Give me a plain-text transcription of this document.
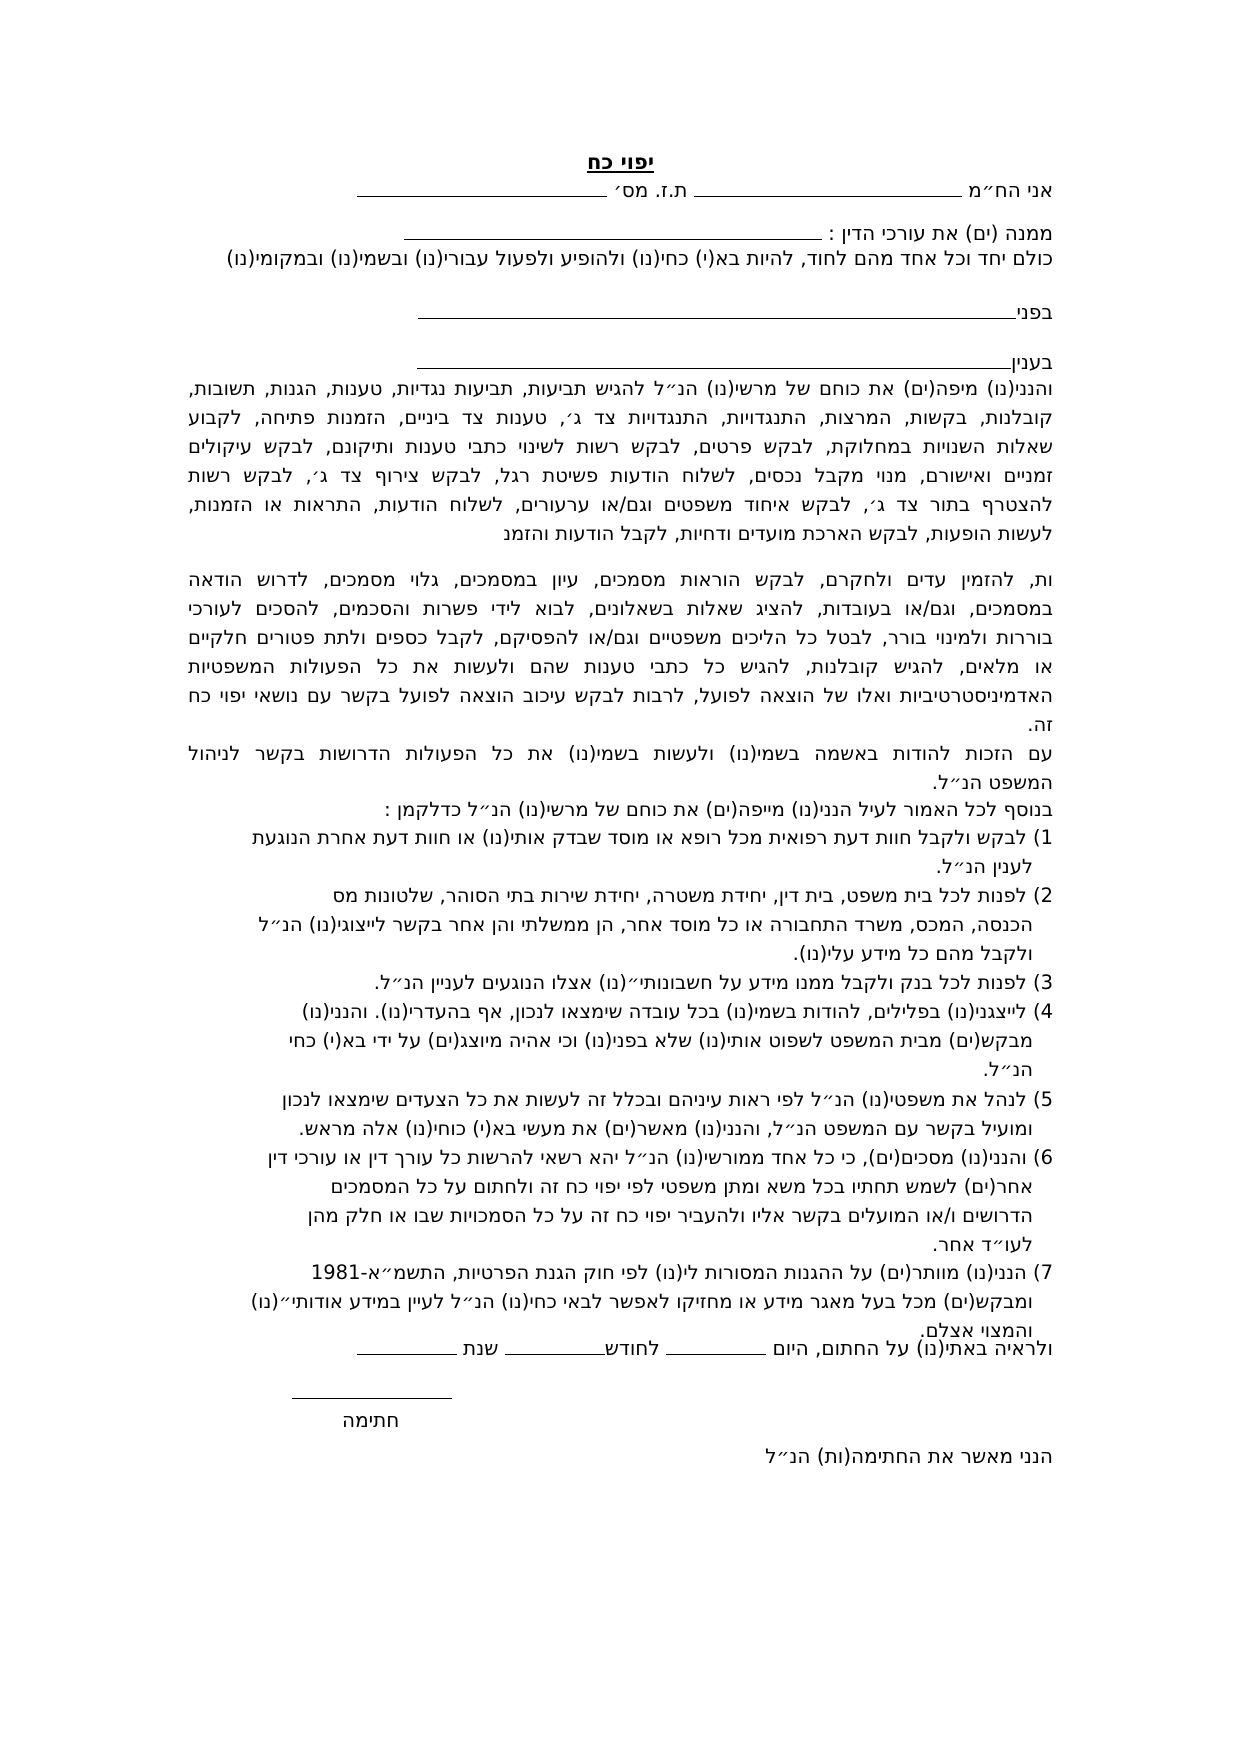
יפוי כח

אני הח״מ  ת.ז. מס׳

ממנה (ים) את עורכי הדין :

כולם יחד וכל אחד מהם לחוד, להיות בא(י) כחי(נו) ולהופיע ולפעול עבורי(נו) ובשמי(נו) ובמקומי(נו)

בפני

בענין

והנני(נו) מיפה(ים) את כוחם של מרשי(נו) הנ״ל להגיש תביעות, תביעות נגדיות, טענות, הגנות, תשובות,
קובלנות, בקשות, המרצות, התנגדויות, התנגדויות צד ג׳, טענות צד ביניים, הזמנות פתיחה, לקבוע
שאלות השנויות במחלוקת, לבקש פרטים, לבקש רשות לשינוי כתבי טענות ותיקונם, לבקש עיקולים
זמניים ואישורם, מנוי מקבל נכסים, לשלוח הודעות פשיטת רגל, לבקש צירוף צד ג׳, לבקש רשות
להצטרף בתור צד ג׳, לבקש איחוד משפטים וגם/או ערעורים, לשלוח הודעות, התראות או הזמנות,
לעשות הופעות, לבקש הארכת מועדים ודחיות, לקבל הודעות והזמנ
ות, להזמין עדים ולחקרם, לבקש הוראות מסמכים, עיון במסמכים, גלוי מסמכים, לדרוש הודאה
במסמכים, וגם/או בעובדות, להציג שאלות בשאלונים, לבוא לידי פשרות והסכמים, להסכים לעורכי
בוררות ולמינוי בורר, לבטל כל הליכים משפטיים וגם/או להפסיקם, לקבל כספים ולתת פטורים חלקיים
או מלאים, להגיש קובלנות, להגיש כל כתבי טענות שהם ולעשות את כל הפעולות המשפטיות
האדמיניסטרטיביות ואלו של הוצאה לפועל, לרבות לבקש עיכוב הוצאה לפועל בקשר עם נושאי יפוי כח
זה.
עם הזכות להודות באשמה בשמי(נו) ולעשות בשמי(נו) את כל הפעולות הדרושות בקשר לניהול
המשפט הנ״ל.

בנוסף לכל האמור לעיל הנני(נו) מייפה(ים) את כוחם של מרשי(נו) הנ״ל כדלקמן :

1) לבקש ולקבל חוות דעת רפואית מכל רופא או מוסד שבדק אותי(נו) או חוות דעת אחרת הנוגעת
לענין הנ״ל.
2) לפנות לכל בית משפט, בית דין, יחידת משטרה, יחידת שירות בתי הסוהר, שלטונות מס
הכנסה, המכס, משרד התחבורה או כל מוסד אחר, הן ממשלתי והן אחר בקשר לייצוגי(נו) הנ״ל
ולקבל מהם כל מידע עלי(נו).
3) לפנות לכל בנק ולקבל ממנו מידע על חשבונותי״(נו) אצלו הנוגעים לעניין הנ״ל.
4) לייצגני(נו) בפלילים, להודות בשמי(נו) בכל עובדה שימצאו לנכון, אף בהעדרי(נו). והנני(נו)
מבקש(ים) מבית המשפט לשפוט אותי(נו) שלא בפני(נו) וכי אהיה מיוצג(ים) על ידי בא(י) כחי
הנ״ל.
5) לנהל את משפטי(נו) הנ״ל לפי ראות עיניהם ובכלל זה לעשות את כל הצעדים שימצאו לנכון
ומועיל בקשר עם המשפט הנ״ל, והנני(נו) מאשר(ים) את מעשי בא(י) כוחי(נו) אלה מראש.
6) והנני(נו) מסכים(ים), כי כל אחד ממורשי(נו) הנ״ל יהא רשאי להרשות כל עורך דין או עורכי דין
אחר(ים) לשמש תחתיו בכל משא ומתן משפטי לפי יפוי כח זה ולחתום על כל המסמכים
הדרושים ו/או המועלים בקשר אליו ולהעביר יפוי כח זה על כל הסמכויות שבו או חלק מהן
לעו״ד אחר.
7) הנני(נו) מוותר(ים) על ההגנות המסורות לי(נו) לפי חוק הגנת הפרטיות, התשמ״א-1981
ומבקש(ים) מכל בעל מאגר מידע או מחזיקו לאפשר לבאי כחי(נו) הנ״ל לעיין במידע אודותי״(נו)
והמצוי אצלם.

ולראיה באתי(נו) על החתום, היום  לחודש שנת

חתימה
הנני מאשר את החתימה(ות) הנ״ל
